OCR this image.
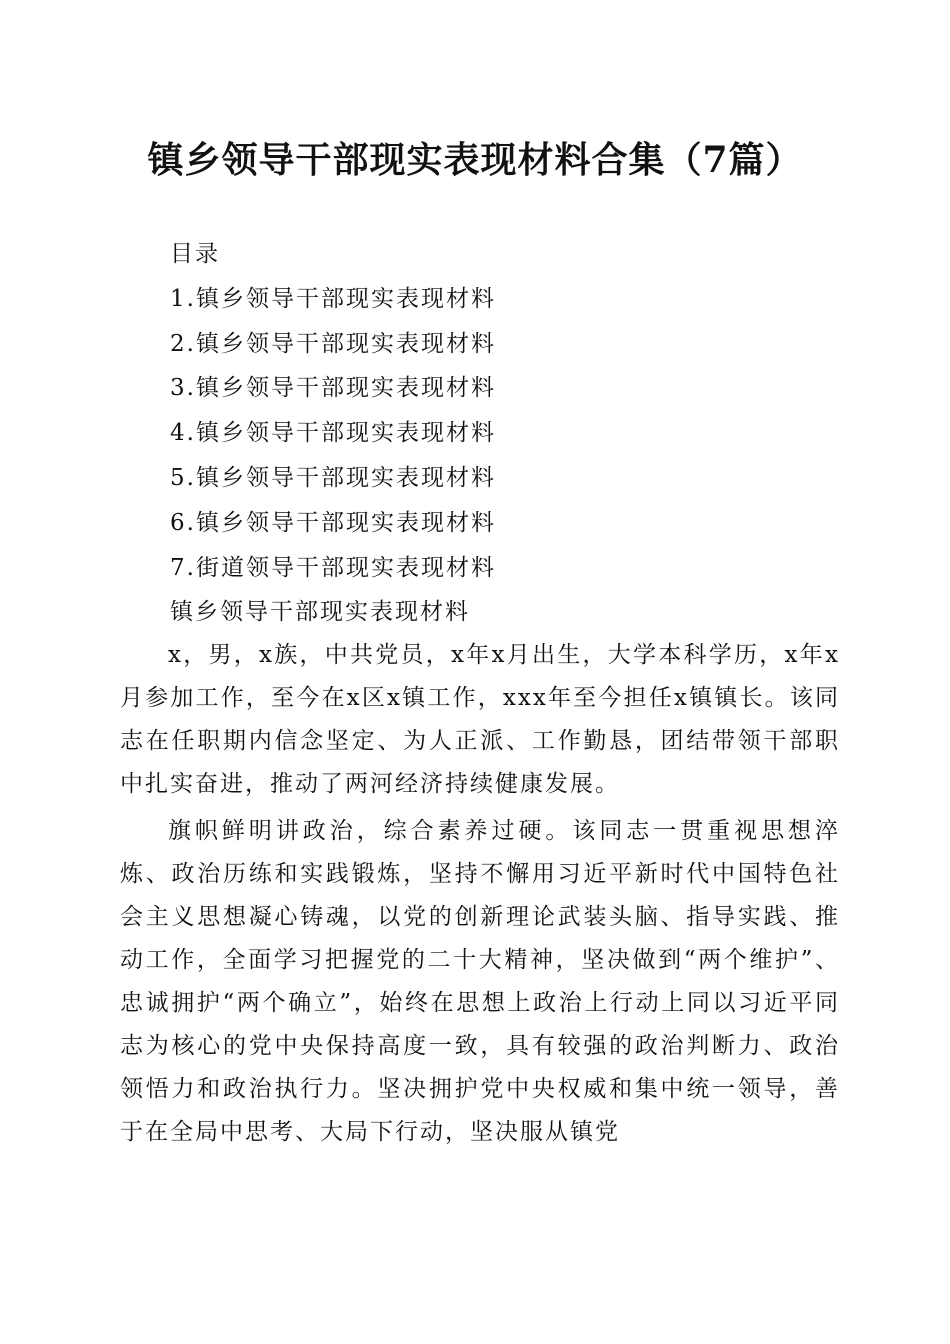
镇乡领导干部现实表现材料合集（7篇）
目录
1.镇乡领导干部现实表现材料
2.镇乡领导干部现实表现材料
3.镇乡领导干部现实表现材料
4.镇乡领导干部现实表现材料
5.镇乡领导干部现实表现材料
6.镇乡领导干部现实表现材料
7.街道领导干部现实表现材料
镇乡领导干部现实表现材料

x，男，x族，中共党员，x年x月出生，大学本科学历，x年x月参加工作，至今在x区x镇工作，xxx年至今担任x镇镇长。该同志在任职期内信念坚定、为人正派、工作勤恳，团结带领干部职中扎实奋进，推动了两河经济持续健康发展。

旗帜鲜明讲政治，综合素养过硬。该同志一贯重视思想淬炼、政治历练和实践锻炼，坚持不懈用习近平新时代中国特色社会主义思想凝心铸魂，以党的创新理论武装头脑、指导实践、推动工作，全面学习把握党的二十大精神，坚决做到“两个维护”、忠诚拥护“两个确立”，始终在思想上政治上行动上同以习近平同志为核心的党中央保持高度一致，具有较强的政治判断力、政治领悟力和政治执行力。坚决拥护党中央权威和集中统一领导，善于在全局中思考、大局下行动，坚决服从镇党
